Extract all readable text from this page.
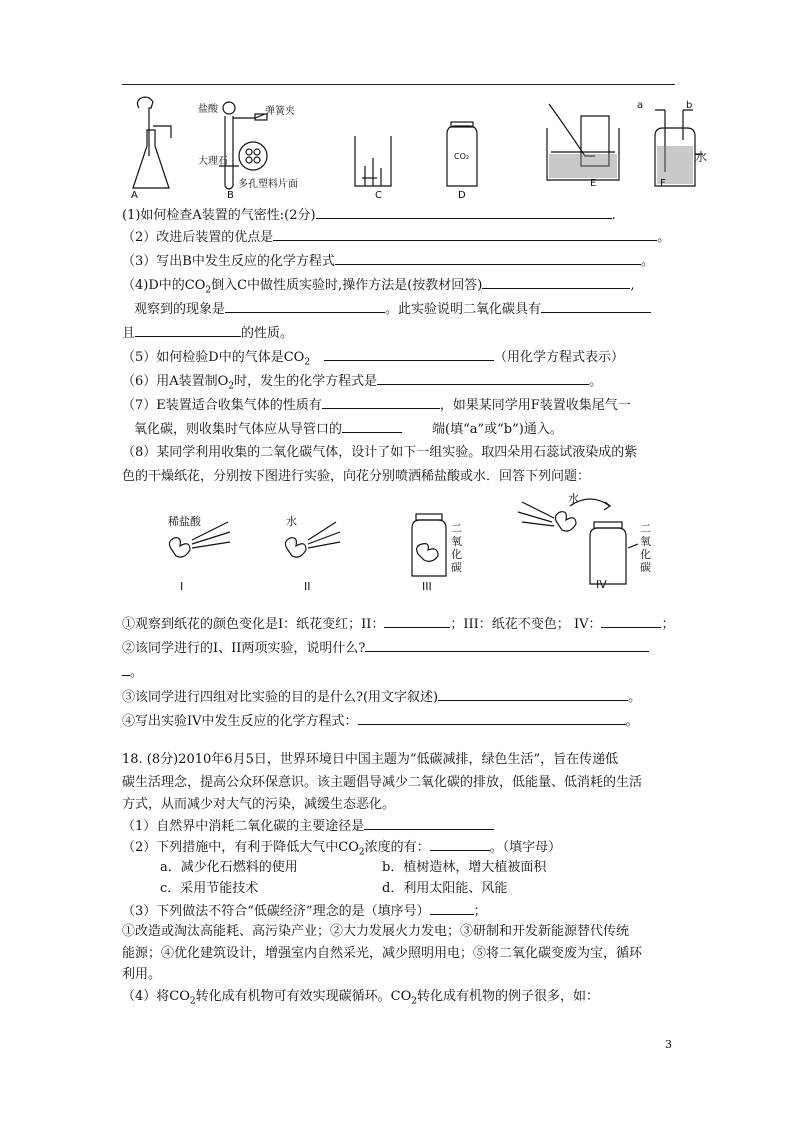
A	B	C	D
E	F
盐酸	弹簧夹
大理石
多孔塑料片面
CO₂
a	b
水
(1)如何检查A装置的气密性:(2分)	.
（2）改进后装置的优点是	。
（3）写出B中发生反应的化学方程式	。
（4)D中的$CO_2$倒入C中做性质实验时,操作方法是(按教材回答)	,
观察到的现象是	。此实验说明二氧化碳具有
且	的性质。
（5）如何检验D中的气体是$CO_2$	（用化学方程式表示）
（6）用A装置制$O_2$时，发生的化学方程式是	。
（7）E装置适合收集气体的性质有	，如果某同学用F装置收集尾气一
氧化碳，则收集时气体应从导管口的	端(填“a”或“b”)通入。
（8）某同学利用收集的二氧化碳气体，设计了如下一组实验。取四朵用石蕊试液染成的紫
色的干燥纸花，分别按下图进行实验，向花分别喷洒稀盐酸或水．回答下列问题：
稀盐酸	水
水
二氧化碳
二氧化碳
I	II	III	IV
①观察到纸花的颜色变化是I：纸花变红；II：	；III：纸花不变色； IV：	；
②该同学进行的I、II两项实验，说明什么?
。
③该同学进行四组对比实验的目的是什么?(用文字叙述)	。
④写出实验IV中发生反应的化学方程式：	。
18. (8分)2010年6月5日，世界环境日中国主题为“低碳减排，绿色生活”，旨在传递低
碳生活理念，提高公众环保意识。该主题倡导减少二氧化碳的排放，低能量、低消耗的生活
方式，从而减少对大气的污染，减缓生态恶化。
（1）自然界中消耗二氧化碳的主要途径是
（2）下列措施中，有利于降低大气中$CO_2$浓度的有：	。（填字母）
a．减少化石燃料的使用	b．植树造林，增大植被面积
c．采用节能技术	d．利用太阳能、风能
（3）下列做法不符合“低碳经济”理念的是（填序号）	；
①改造或淘汰高能耗、高污染产业；②大力发展火力发电；③研制和开发新能源替代传统
能源；④优化建筑设计，增强室内自然采光，减少照明用电；⑤将二氧化碳变废为宝，循环
利用。
（4）将$CO_2$转化成有机物可有效实现碳循环。$CO_2$转化成有机物的例子很多，如：
3
